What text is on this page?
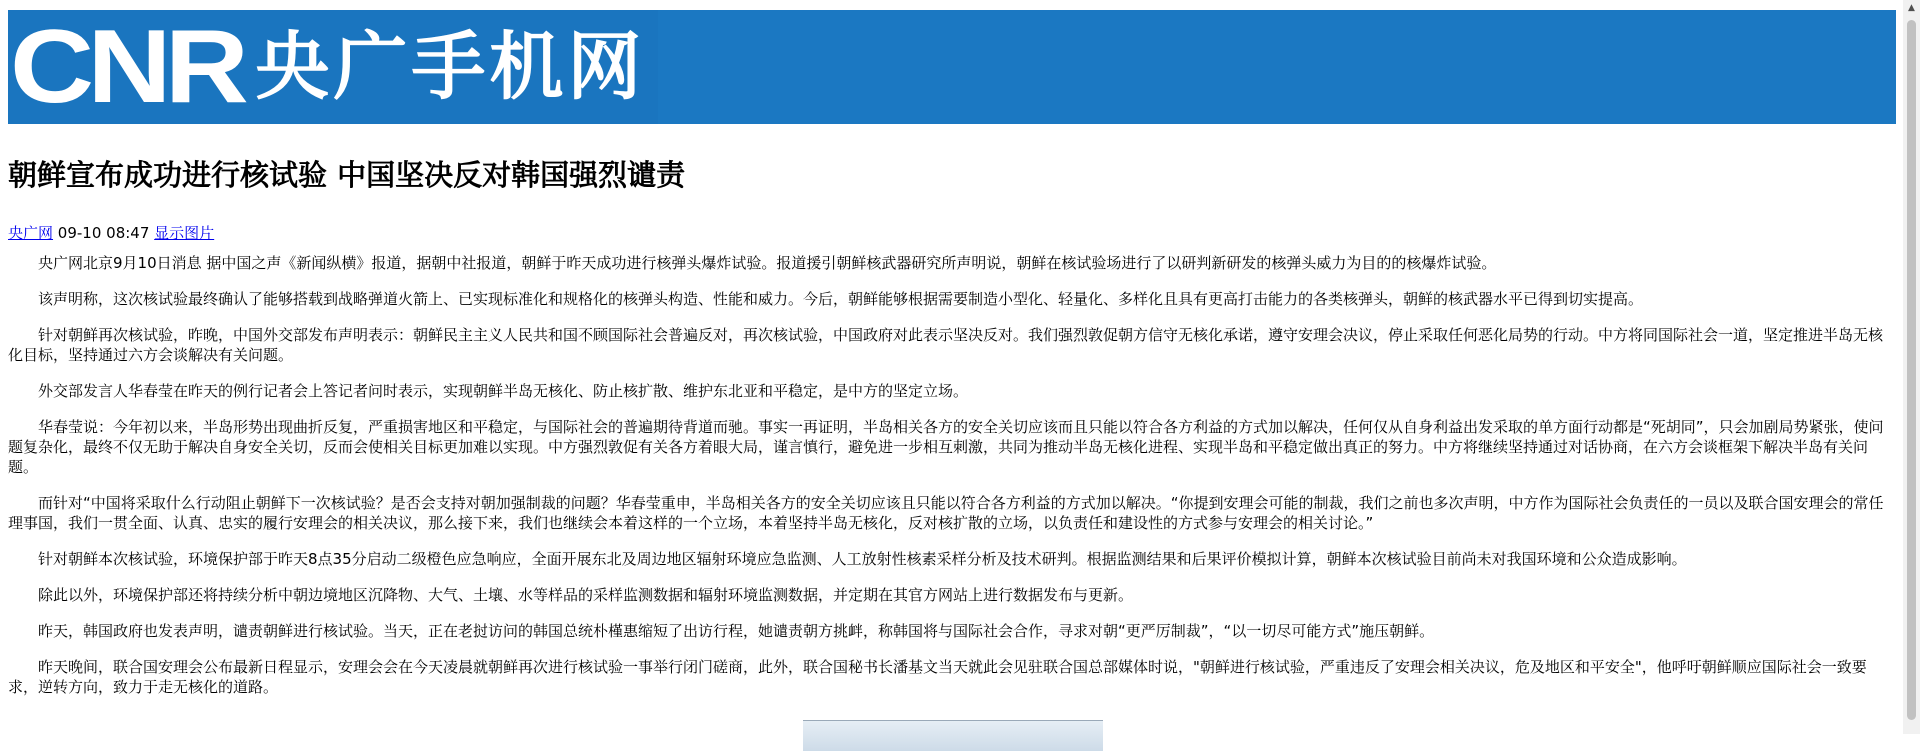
CNR 央广手机网
朝鲜宣布成功进行核试验 中国坚决反对韩国强烈谴责
央广网 09-10 08:47 显示图片

央广网北京9月10日消息 据中国之声《新闻纵横》报道，据朝中社报道，朝鲜于昨天成功进行核弹头爆炸试验。报道援引朝鲜核武器研究所声明说，朝鲜在核试验场进行了以研判新研发的核弹头威力为目的的核爆炸试验。

该声明称，这次核试验最终确认了能够搭载到战略弹道火箭上、已实现标准化和规格化的核弹头构造、性能和威力。今后，朝鲜能够根据需要制造小型化、轻量化、多样化且具有更高打击能力的各类核弹头，朝鲜的核武器水平已得到切实提高。

针对朝鲜再次核试验，昨晚，中国外交部发布声明表示：朝鲜民主主义人民共和国不顾国际社会普遍反对，再次核试验，中国政府对此表示坚决反对。我们强烈敦促朝方信守无核化承诺，遵守安理会决议，停止采取任何恶化局势的行动。中方将同国际社会一道，坚定推进半岛无核化目标，坚持通过六方会谈解决有关问题。

外交部发言人华春莹在昨天的例行记者会上答记者问时表示，实现朝鲜半岛无核化、防止核扩散、维护东北亚和平稳定，是中方的坚定立场。

华春莹说：今年初以来，半岛形势出现曲折反复，严重损害地区和平稳定，与国际社会的普遍期待背道而驰。事实一再证明，半岛相关各方的安全关切应该而且只能以符合各方利益的方式加以解决，任何仅从自身利益出发采取的单方面行动都是“死胡同”，只会加剧局势紧张，使问题复杂化，最终不仅无助于解决自身安全关切，反而会使相关目标更加难以实现。中方强烈敦促有关各方着眼大局，谨言慎行，避免进一步相互刺激，共同为推动半岛无核化进程、实现半岛和平稳定做出真正的努力。中方将继续坚持通过对话协商，在六方会谈框架下解决半岛有关问题。

而针对“中国将采取什么行动阻止朝鲜下一次核试验？是否会支持对朝加强制裁的问题？华春莹重申，半岛相关各方的安全关切应该且只能以符合各方利益的方式加以解决。“你提到安理会可能的制裁，我们之前也多次声明，中方作为国际社会负责任的一员以及联合国安理会的常任理事国，我们一贯全面、认真、忠实的履行安理会的相关决议，那么接下来，我们也继续会本着这样的一个立场，本着坚持半岛无核化，反对核扩散的立场，以负责任和建设性的方式参与安理会的相关讨论。”

针对朝鲜本次核试验，环境保护部于昨天8点35分启动二级橙色应急响应，全面开展东北及周边地区辐射环境应急监测、人工放射性核素采样分析及技术研判。根据监测结果和后果评价模拟计算，朝鲜本次核试验目前尚未对我国环境和公众造成影响。

除此以外，环境保护部还将持续分析中朝边境地区沉降物、大气、土壤、水等样品的采样监测数据和辐射环境监测数据，并定期在其官方网站上进行数据发布与更新。

昨天，韩国政府也发表声明，谴责朝鲜进行核试验。当天，正在老挝访问的韩国总统朴槿惠缩短了出访行程，她谴责朝方挑衅，称韩国将与国际社会合作，寻求对朝“更严厉制裁”，“以一切尽可能方式”施压朝鲜。

昨天晚间，联合国安理会公布最新日程显示，安理会会在今天凌晨就朝鲜再次进行核试验一事举行闭门磋商，此外，联合国秘书长潘基文当天就此会见驻联合国总部媒体时说，"朝鲜进行核试验，严重违反了安理会相关决议，危及地区和平安全"，他呼吁朝鲜顺应国际社会一致要求，逆转方向，致力于走无核化的道路。

▲
